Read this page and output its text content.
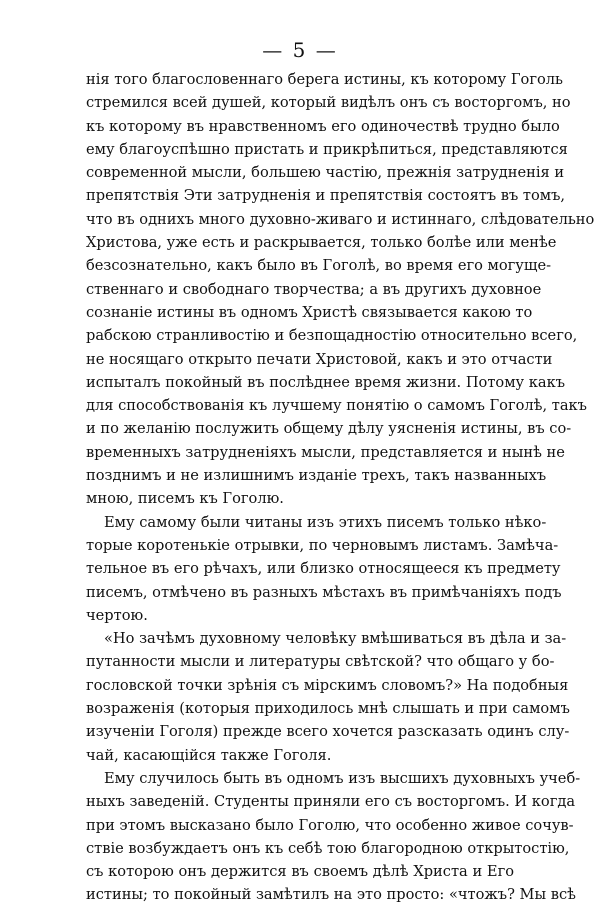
— 5 —
нія того благословеннаго берега истины, къ которому Гоголь
стремился всей душей, который видѣлъ онъ съ восторгомъ, но
къ которому въ нравственномъ его одиночествѣ трудно было
ему благоуспѣшно пристать и прикрѣпиться, представляются
современной мысли, большею частію, прежнія затрудненія и
препятствія Эти затрудненія и препятствія состоятъ въ томъ,
что въ однихъ много духовно-живаго и истиннаго, слѣдовательно
Христова, уже есть и раскрывается, только болѣе или менѣе
безсознательно, какъ было въ Гоголѣ, во время его могуще-
ственнаго и свободнаго творчества; а въ другихъ духовное
сознаніе истины въ одномъ Христѣ связывается какою то
рабскою странливостію и безпощадностію относительно всего,
не носящаго открыто печати Христовой, какъ и это отчасти
испыталъ покойный въ послѣднее время жизни. Потому какъ
для способствованія къ лучшему понятію о самомъ Гоголѣ, такъ
и по желанію послужить общему дѣлу уясненія истины, въ со-
временныхъ затрудненіяхъ мысли, представляется и нынѣ не
позднимъ и не излишнимъ изданіе трехъ, такъ названныхъ
мною, писемъ къ Гоголю.
Ему самому были читаны изъ этихъ писемъ только нѣко-
торые коротенькіе отрывки, по черновымъ листамъ. Замѣча-
тельное въ его рѣчахъ, или близко относящееся къ предмету
писемъ, отмѣчено въ разныхъ мѣстахъ въ примѣчаніяхъ подъ
чертою.
«Но зачѣмъ духовному человѣку вмѣшиваться въ дѣла и за-
путанности мысли и литературы свѣтской? что общаго у бо-
гословской точки зрѣнія съ мірскимъ словомъ?» На подобныя
возраженія (которыя приходилось мнѣ слышать и при самомъ
изученіи Гоголя) прежде всего хочется разсказать одинъ слу-
чай, касающійся также Гоголя.
Ему случилось быть въ одномъ изъ высшихъ духовныхъ учеб-
ныхъ заведеній. Студенты приняли его съ восторгомъ. И когда
при этомъ высказано было Гоголю, что особенно живое сочув-
ствіе возбуждаетъ онъ къ себѣ тою благородною открытостію,
съ которою онъ держится въ своемъ дѣлѣ Христа и Его
истины; то покойный замѣтилъ на это просто: «чтожъ? Мы всѣ
